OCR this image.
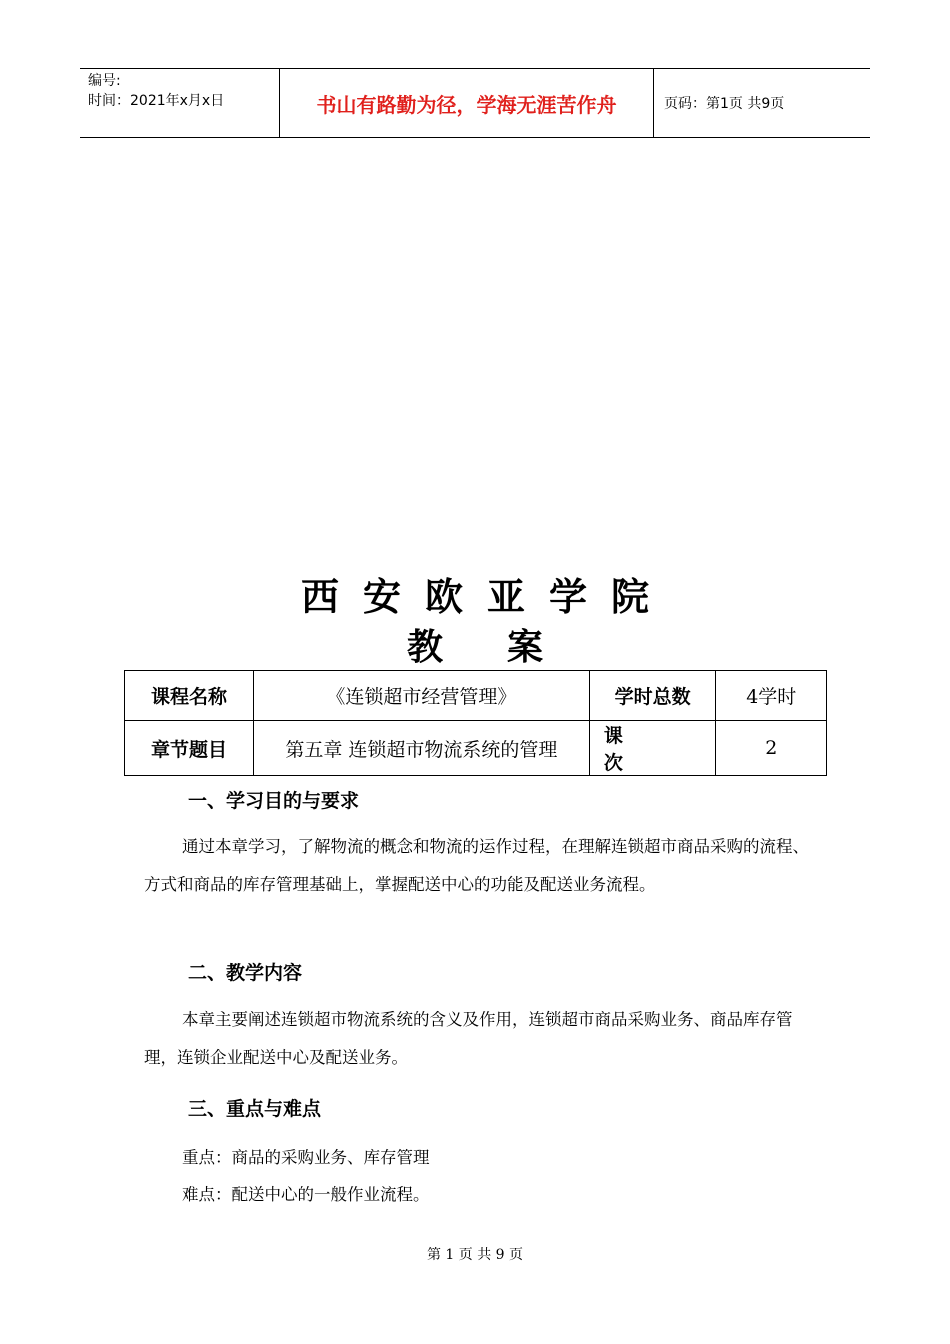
编号:
时间：2021年x月x日	书山有路勤为径，学海无涯苦作舟	页码：第1页 共9页
西安欧亚学院
教案
课程名称	《连锁超市经营管理》	学时总数	4学时
章节题目	第五章 连锁超市物流系统的管理	课次	2
一、学习目的与要求
通过本章学习，了解物流的概念和物流的运作过程，在理解连锁超市商品采购的流程、方式和商品的库存管理基础上，掌握配送中心的功能及配送业务流程。
二、教学内容
本章主要阐述连锁超市物流系统的含义及作用，连锁超市商品采购业务、商品库存管理，连锁企业配送中心及配送业务。
三、重点与难点
重点：商品的采购业务、库存管理
难点：配送中心的一般作业流程。
第 1 页 共 9 页
